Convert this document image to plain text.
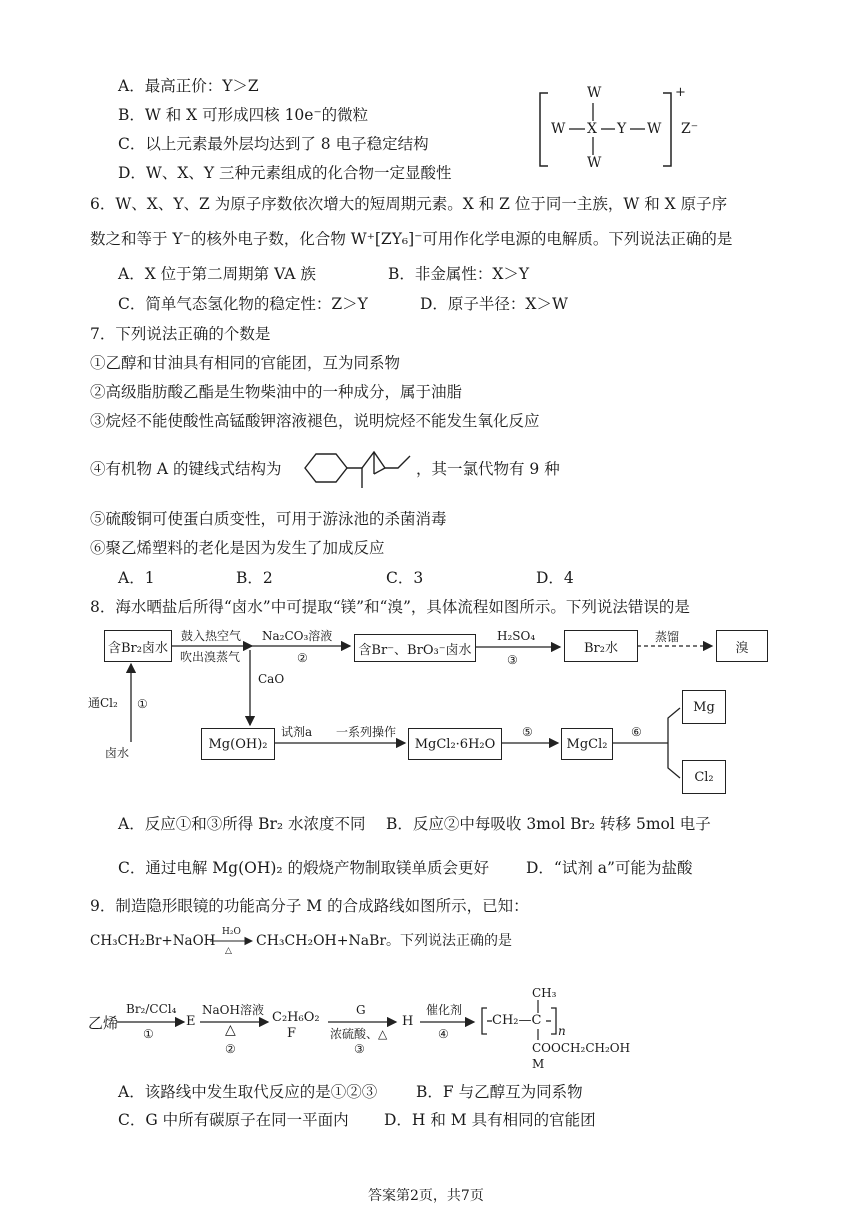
A．最高正价：Y＞Z
B．W 和 X 可形成四核 10e⁻的微粒
C．以上元素最外层均达到了 8 电子稳定结构
D．W、X、Y 三种元素组成的化合物一定显酸性
W
W X Y W
W
+
Z⁻
6．W、X、Y、Z 为原子序数依次增大的短周期元素。X 和 Z 位于同一主族，W 和 X 原子序
数之和等于 Y⁻的核外电子数，化合物 W⁺[ZY₆]⁻可用作化学电源的电解质。下列说法正确的是
A．X 位于第二周期第 VA 族	B．非金属性：X＞Y
C．简单气态氢化物的稳定性：Z＞Y	D．原子半径：X＞W
7．下列说法正确的个数是
①乙醇和甘油具有相同的官能团，互为同系物
②高级脂肪酸乙酯是生物柴油中的一种成分，属于油脂
③烷烃不能使酸性高锰酸钾溶液褪色，说明烷烃不能发生氧化反应
④有机物 A 的键线式结构为	，其一氯代物有 9 种
⑤硫酸铜可使蛋白质变性，可用于游泳池的杀菌消毒
⑥聚乙烯塑料的老化是因为发生了加成反应
A．1	B．2	C．3	D．4
8．海水晒盐后所得“卤水”中可提取“镁”和“溴”，具体流程如图所示。下列说法错误的是
含Br₂卤水
鼓入热空气
吹出溴蒸气
Na₂CO₃溶液
②
含Br⁻、BrO₃⁻卤水
H₂SO₄
③
Br₂水
蒸馏
溴
通Cl₂ ①
卤水
CaO
Mg(OH)₂
试剂a 一系列操作
MgCl₂·6H₂O
⑤
MgCl₂
⑥
Mg
Cl₂
A．反应①和③所得 Br₂ 水浓度不同 B．反应②中每吸收 3mol Br₂ 转移 5mol 电子
C．通过电解 Mg(OH)₂ 的煅烧产物制取镁单质会更好 D．“试剂 a”可能为盐酸
9．制造隐形眼镜的功能高分子 M 的合成路线如图所示，已知：
CH₃CH₂Br+NaOH
H₂O
△
CH₃CH₂OH+NaBr。下列说法正确的是
乙烯
Br₂/CCl₄
①
E
NaOH溶液
△
②
C₂H₆O₂
F
G
浓硫酸、△
③
H
催化剂
④
CH₃
CH₂—C
n
COOCH₂CH₂OH
M
A．该路线中发生取代反应的是①②③	B．F 与乙醇互为同系物
C．G 中所有碳原子在同一平面内 D．H 和 M 具有相同的官能团
答案第2页，共7页
